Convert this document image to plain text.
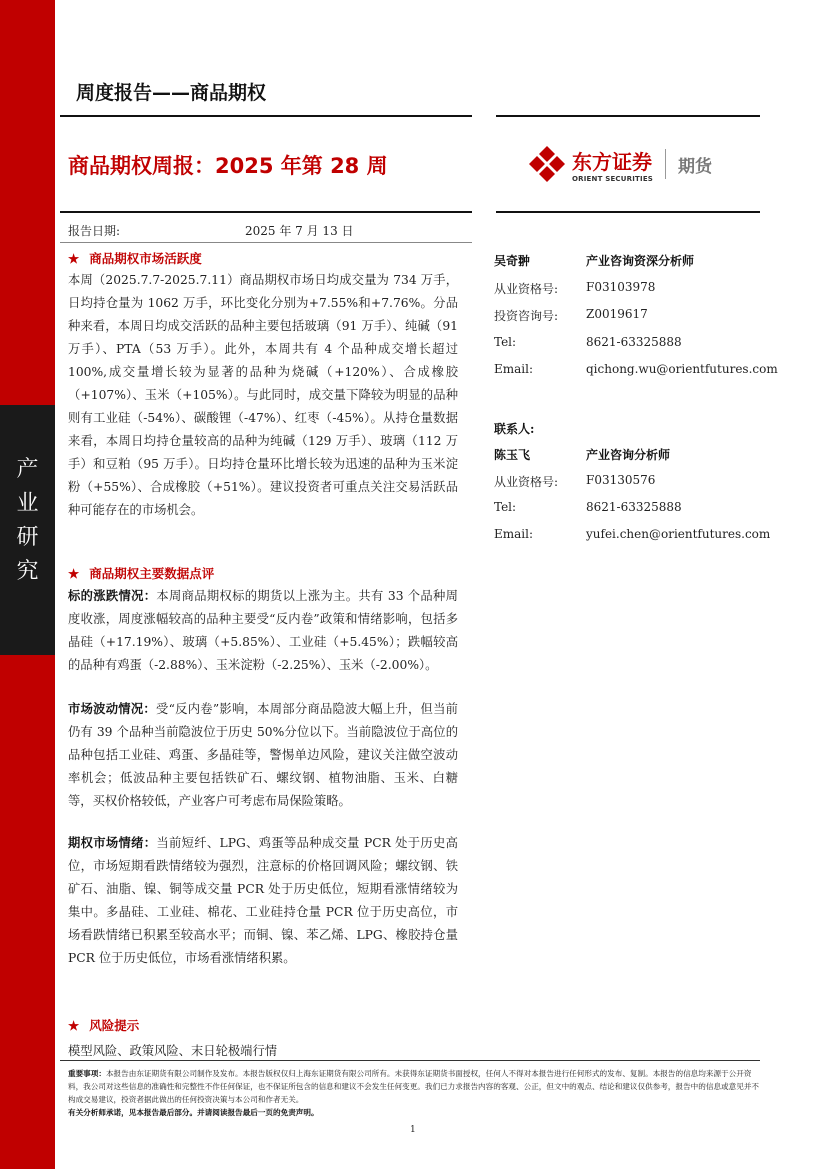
产
业
研
究
周度报告——商品期权
商品期权周报：2025 年第 28 周	东方证券
ORIENT SECURITIES
期货
报告日期:	2025 年 7 月 13 日
★ 商品期权市场活跃度
本周（2025.7.7-2025.7.11）商品期权市场日均成交量为 734 万手，日均持仓量为 1062 万手，环比变化分别为+7.55%和+7.76%。分品种来看，本周日均成交活跃的品种主要包括玻璃（91 万手）、纯碱（91 万手）、PTA（53 万手）。此外，本周共有 4 个品种成交增长超过 100%,成交量增长较为显著的品种为烧碱（+120%）、合成橡胶（+107%）、玉米（+105%）。与此同时，成交量下降较为明显的品种则有工业硅（-54%）、碳酸锂（-47%）、红枣（-45%）。从持仓量数据来看，本周日均持仓量较高的品种为纯碱（129 万手）、玻璃（112 万手）和豆粕（95 万手）。日均持仓量环比增长较为迅速的品种为玉米淀粉（+55%）、合成橡胶（+51%）。建议投资者可重点关注交易活跃品种可能存在的市场机会。
★ 商品期权主要数据点评
标的涨跌情况：本周商品期权标的期货以上涨为主。共有 33 个品种周度收涨，周度涨幅较高的品种主要受“反内卷”政策和情绪影响，包括多晶硅（+17.19%）、玻璃（+5.85%）、工业硅（+5.45%）；跌幅较高的品种有鸡蛋（-2.88%）、玉米淀粉（-2.25%）、玉米（-2.00%）。
市场波动情况：受“反内卷”影响，本周部分商品隐波大幅上升，但当前仍有 39 个品种当前隐波位于历史 50%分位以下。当前隐波位于高位的品种包括工业硅、鸡蛋、多晶硅等，警惕单边风险，建议关注做空波动率机会；低波品种主要包括铁矿石、螺纹钢、植物油脂、玉米、白糖等，买权价格较低，产业客户可考虑布局保险策略。
期权市场情绪：当前短纤、LPG、鸡蛋等品种成交量 PCR 处于历史高位，市场短期看跌情绪较为强烈，注意标的价格回调风险；螺纹钢、铁矿石、油脂、镍、铜等成交量 PCR 处于历史低位，短期看涨情绪较为集中。多晶硅、工业硅、棉花、工业硅持仓量 PCR 位于历史高位，市场看跌情绪已积累至较高水平；而铜、镍、苯乙烯、LPG、橡胶持仓量 PCR 位于历史低位，市场看涨情绪积累。
★ 风险提示
模型风险、政策风险、末日轮极端行情
吴奇翀	产业咨询资深分析师
从业资格号: F03103978
投资咨询号: Z0019617
Tel:	8621-63325888
Email:	qichong.wu@orientfutures.com
联系人:
陈玉飞	产业咨询分析师
从业资格号: F03130576
Tel:	8621-63325888
Email:	yufei.chen@orientfutures.com
重要事项：本报告由东证期货有限公司制作及发布。本报告版权仅归上海东证期货有限公司所有。未获得东证期货书面授权，任何人不得对本报告进行任何形式的发布、复制。本报告的信息均来源于公开资料，我公司对这些信息的准确性和完整性不作任何保证，也不保证所包含的信息和建议不会发生任何变更。我们已力求报告内容的客观、公正，但文中的观点、结论和建议仅供参考，报告中的信息或意见并不构成交易建议，投资者据此做出的任何投资决策与本公司和作者无关。
有关分析师承诺，见本报告最后部分。并请阅读报告最后一页的免责声明。
1
